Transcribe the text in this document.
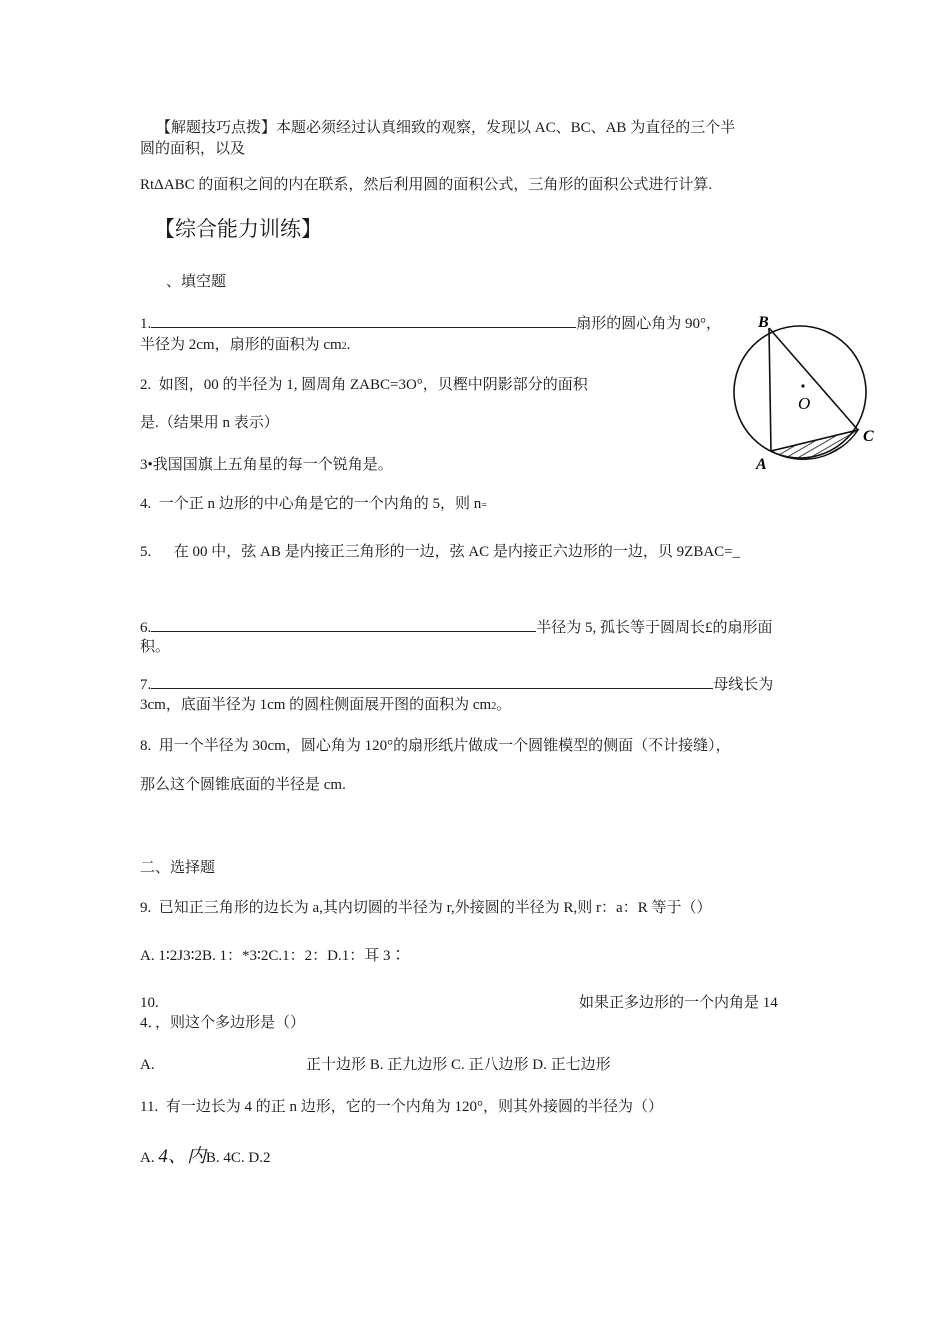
【解题技巧点拨】本题必须经过认真细致的观察，发现以 AC、BC、AB 为直径的三个半
圆的面积，以及
RtΔABC 的面积之间的内在联系，然后利用圆的面积公式，三角形的面积公式进行计算.
【综合能力训练】
、填空题
1.	扇形的圆心角为 90°，
半径为 2cm，扇形的面积为 cm2.
2.  如图，00 的半径为 1, 圆周角 ZABC=3O°，贝樫中阴影部分的面积
是.（结果用 n 表示）
3•我国国旗上五角星的每一个锐角是。
4.  一个正 n 边形的中心角是它的一个内角的 5，则 n=
5.      在 00 中，弦 AB 是内接正三角形的一边，弦 AC 是内接正六边形的一边，贝 9ZBAC=_
6.	半径为 5, 孤长等于圆周长£的扇形面
积。
7.	母线长为
3cm，底面半径为 1cm 的圆柱侧面展开图的面积为 cm2。
8.  用一个半径为 30cm，圆心角为 120°的扇形纸片做成一个圆锥模型的侧面（不计接缝），
那么这个圆锥底面的半径是 cm.
二、选择题
9.  已知正三角形的边长为 a,其内切圆的半径为 r,外接圆的半径为 R,则 r：a：R 等于（）
A. 1∶2J3∶2B. 1：*3∶2C.1：2：D.1：耳 3∶
10.	如果正多边形的一个内角是 14
4．，则这个多边形是（）
A.	正十边形 B. 正九边形 C. 正八边形 D. 正七边形
11.  有一边长为 4 的正 n 边形，它的一个内角为 120°，则其外接圆的半径为（）
A. 4、内B. 4C. D.2
B
O
C
A
